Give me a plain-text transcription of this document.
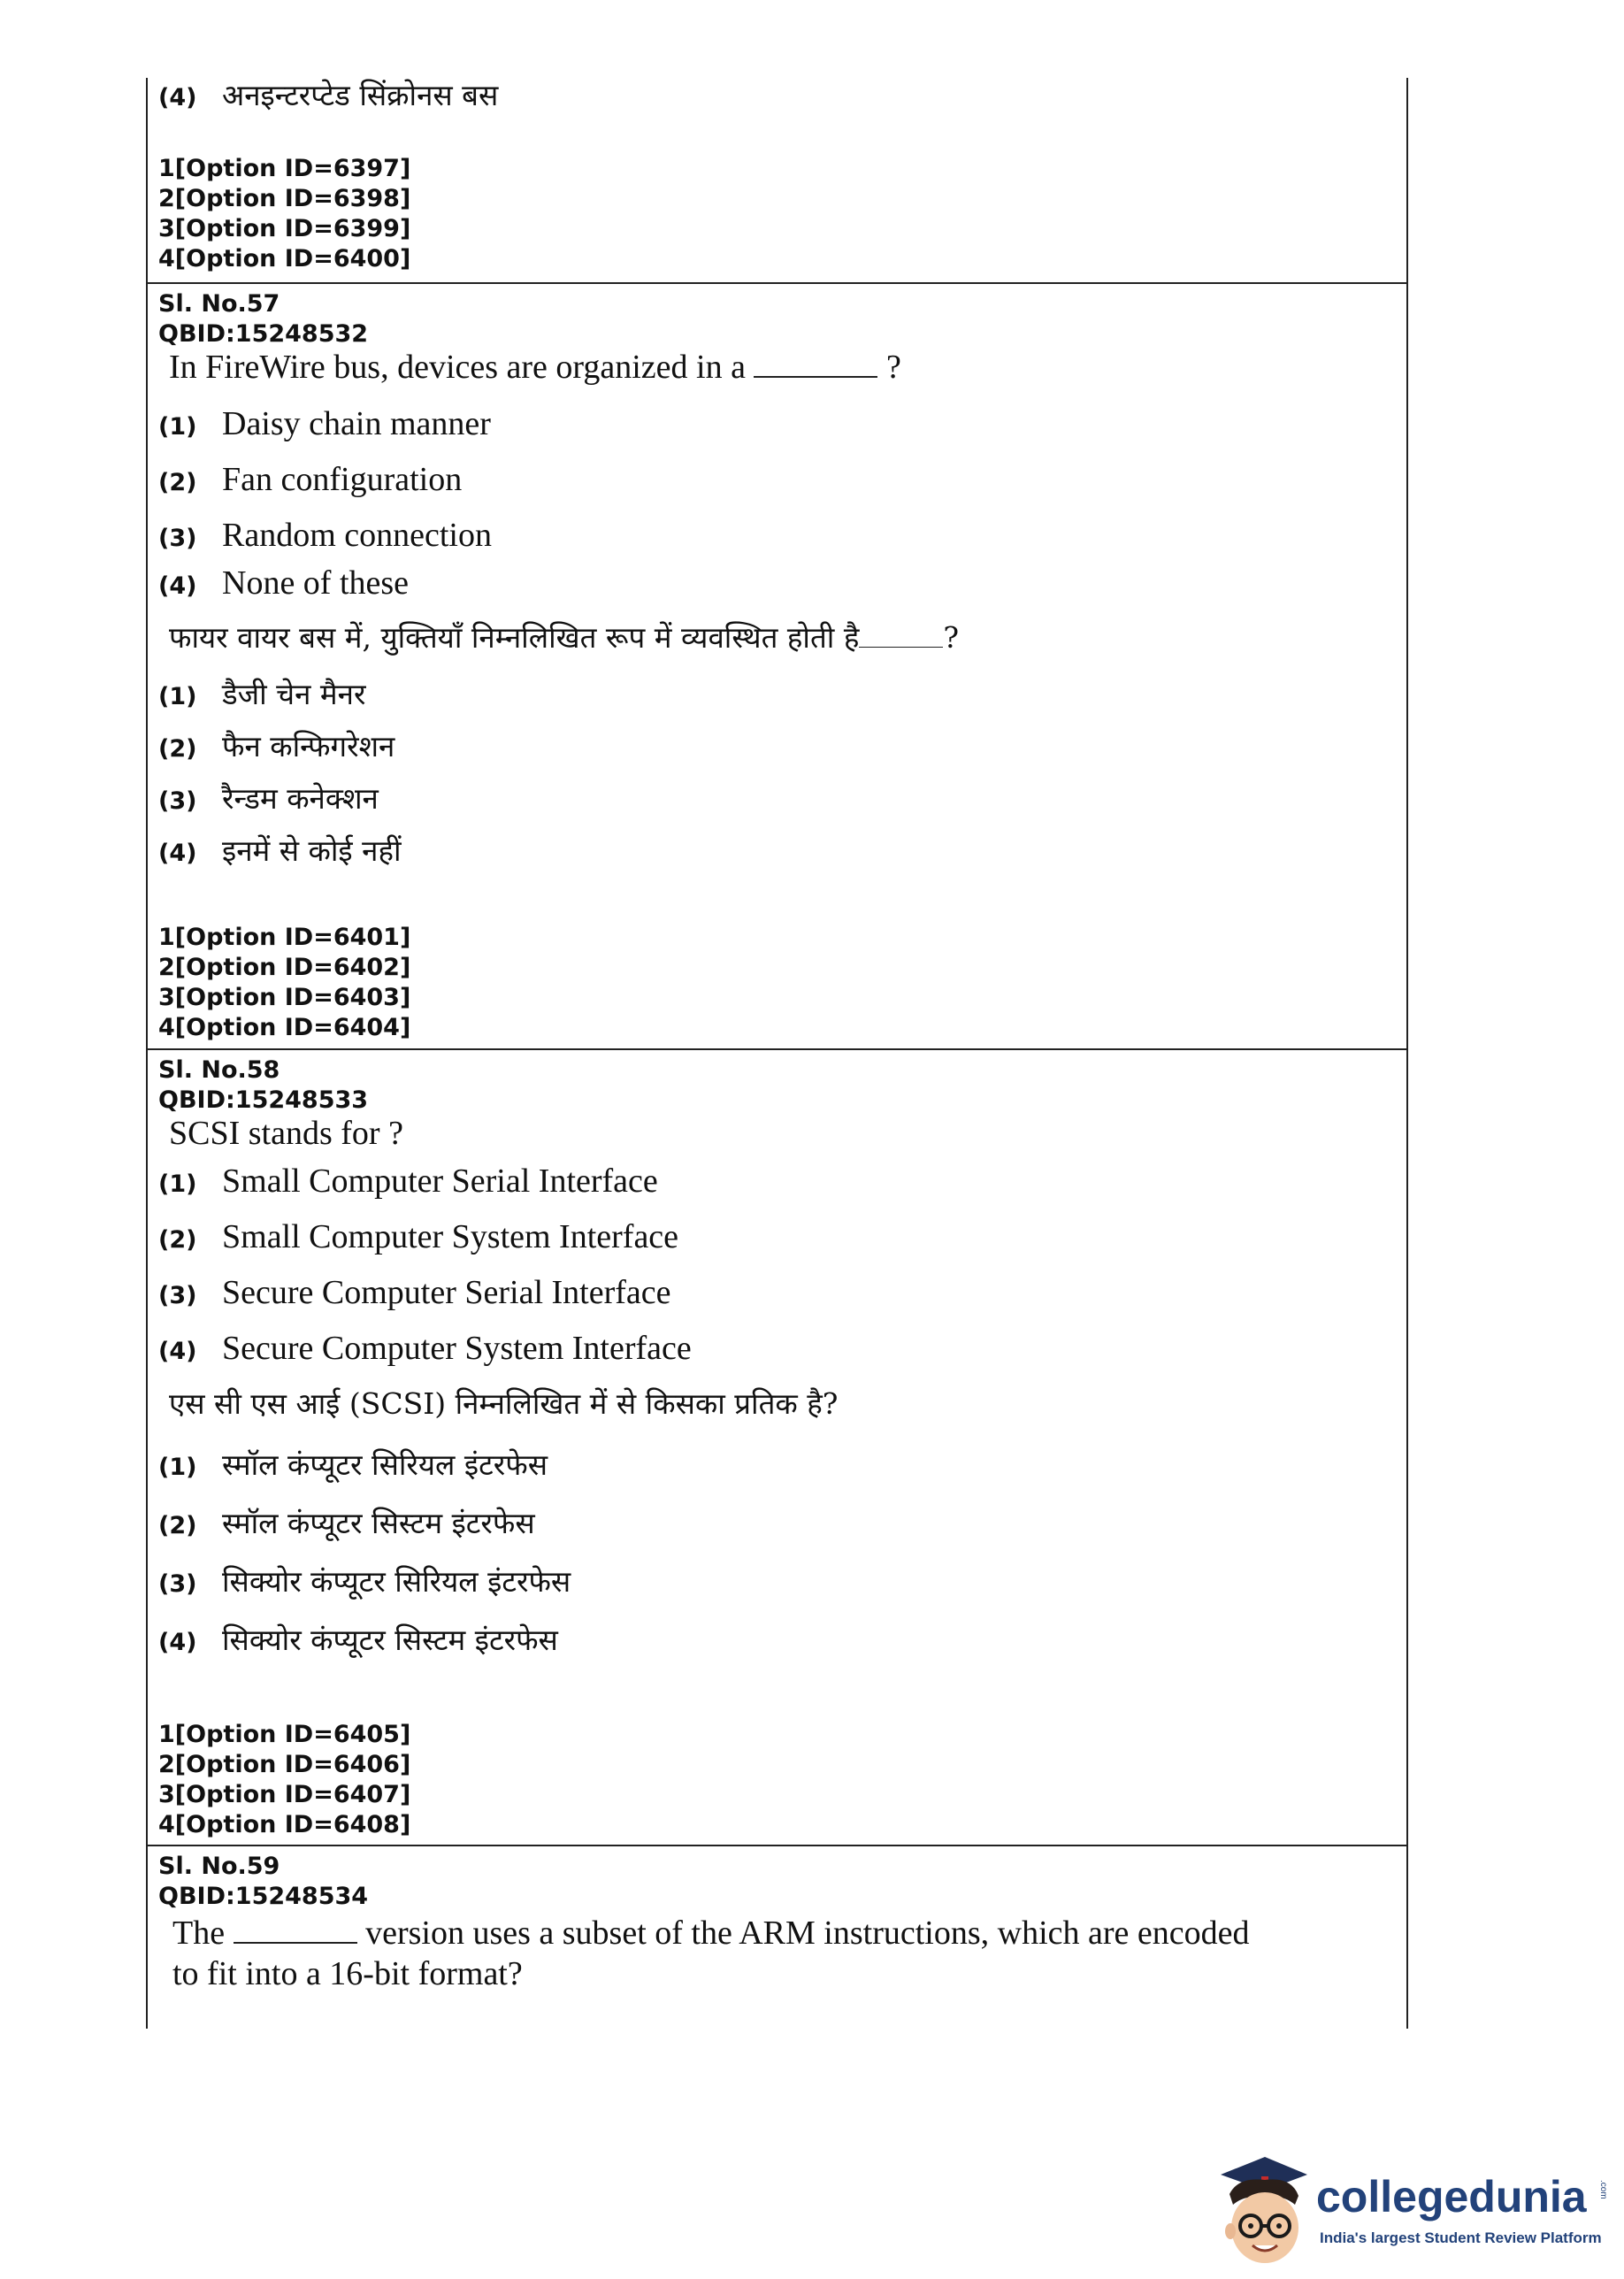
(4) अनइन्टरप्टेड सिंक्रोनस बस
1[Option ID=6397]
2[Option ID=6398]
3[Option ID=6399]
4[Option ID=6400]
Sl. No.57
QBID:15248532
In FireWire bus, devices are organized in a	?
(1) Daisy chain manner
(2) Fan configuration
(3) Random connection
(4) None of these
फायर वायर बस में, युक्तियाँ निम्नलिखित रूप में व्यवस्थित होती है	?
(1) डैजी चेन मैनर
(2) फैन कन्फिगरेशन
(3) रैन्डम कनेक्शन
(4) इनमें से कोई नहीं
1[Option ID=6401]
2[Option ID=6402]
3[Option ID=6403]
4[Option ID=6404]
Sl. No.58
QBID:15248533
SCSI stands for ?
(1) Small Computer Serial Interface
(2) Small Computer System Interface
(3) Secure Computer Serial Interface
(4) Secure Computer System Interface
एस सी एस आई (SCSI) निम्नलिखित में से किसका प्रतिक है?
(1) स्मॉल कंप्यूटर सिरियल इंटरफेस
(2) स्मॉल कंप्यूटर सिस्टम इंटरफेस
(3) सिक्योर कंप्यूटर सिरियल इंटरफेस
(4) सिक्योर कंप्यूटर सिस्टम इंटरफेस
1[Option ID=6405]
2[Option ID=6406]
3[Option ID=6407]
4[Option ID=6408]
Sl. No.59
QBID:15248534
The	version uses a subset of the ARM instructions, which are encoded
to fit into a 16-bit format?
collegedunia .com
India's largest Student Review Platform
